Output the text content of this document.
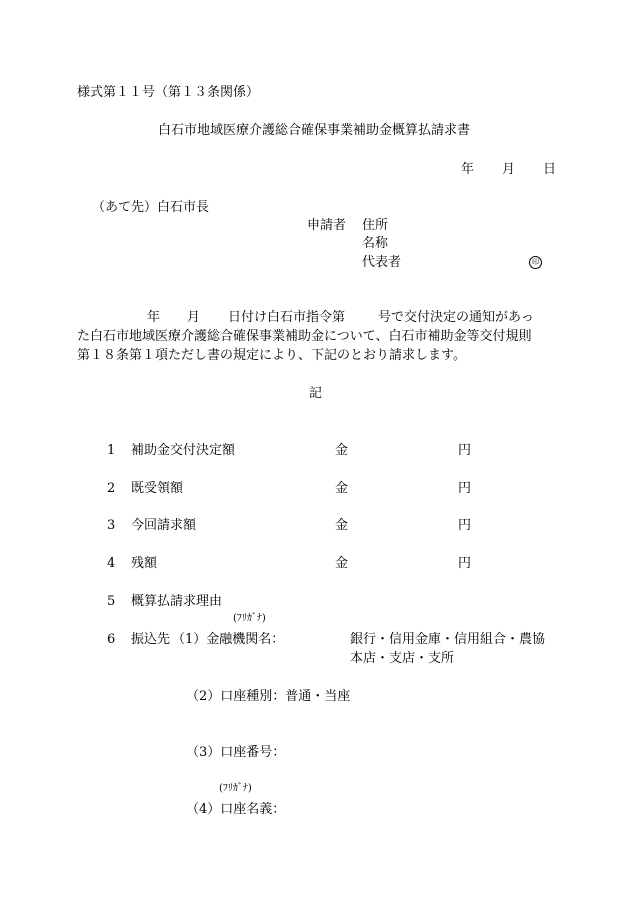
様式第１１号（第１３条関係）
白石市地域医療介護総合確保事業補助金概算払請求書
年 月 日
（あて先）白石市長
申請者 住所
名称
代表者	印
年 月 日付け白石市指令第	号で交付決定の通知があっ
た白石市地域医療介護総合確保事業補助金について、白石市補助金等交付規則
第１８条第１項ただし書の規定により、下記のとおり請求します。
記
1 補助金交付決定額	金	円
2 既受領額	金	円
3 今回請求額	金	円
4 残額	金	円
5 概算払請求理由
(ﾌﾘｶﾞﾅ)
6 振込先 （1）金融機関名：	銀行・信用金庫・信用組合・農協
本店・支店・支所
（2）口座種別：普通・当座
（3）口座番号：
(ﾌﾘｶﾞﾅ)
（4）口座名義：
